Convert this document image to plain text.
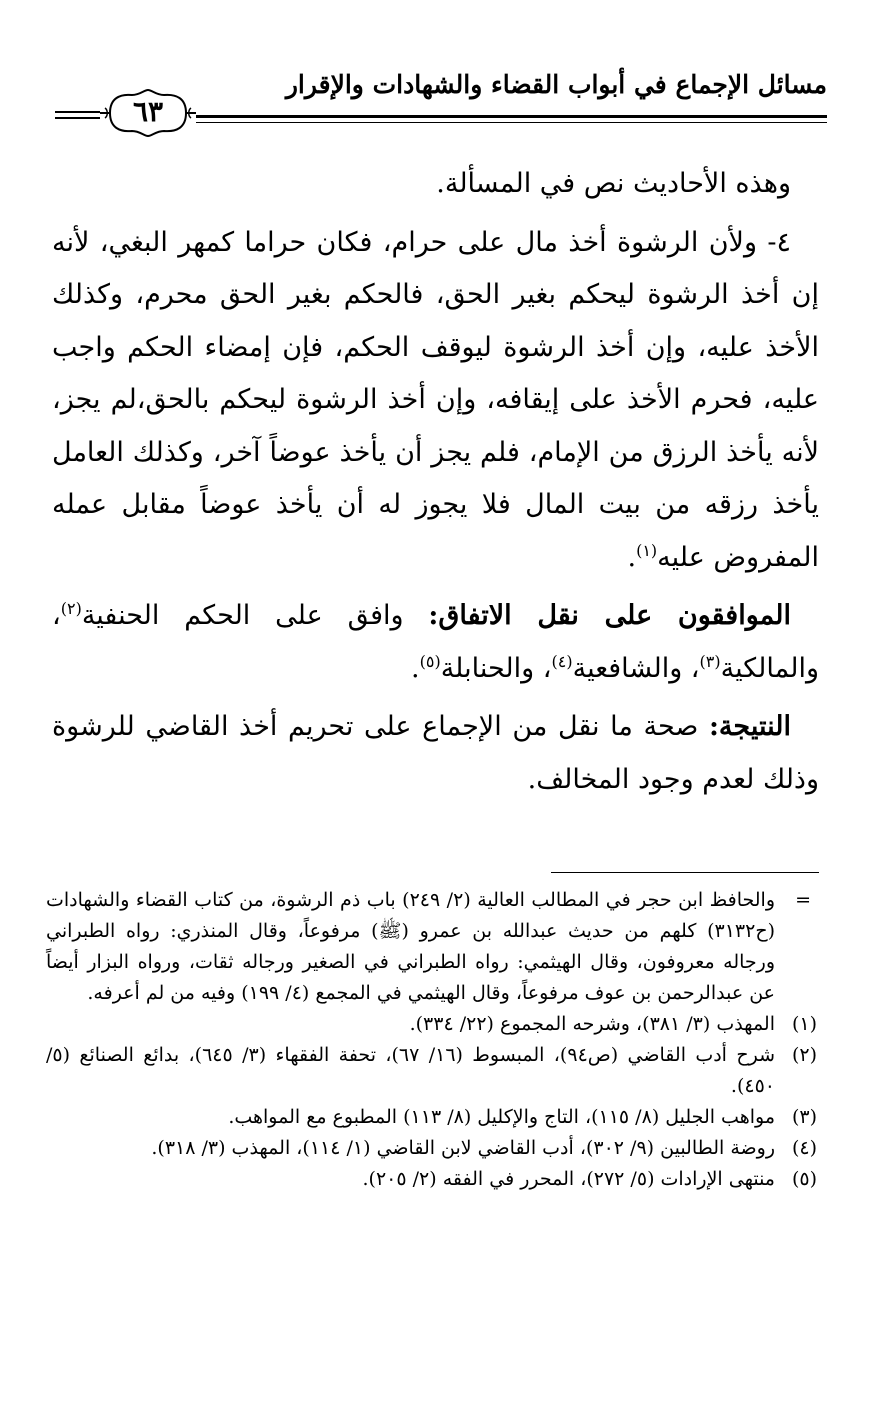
مسائل الإجماع في أبواب القضاء والشهادات والإقرار
٦٣

وهذه الأحاديث نص في المسألة.

٤- ولأن الرشوة أخذ مال على حرام، فكان حراما كمهر البغي، لأنه إن أخذ الرشوة ليحكم بغير الحق، فالحكم بغير الحق محرم، وكذلك الأخذ عليه، وإن أخذ الرشوة ليوقف الحكم، فإن إمضاء الحكم واجب عليه، فحرم الأخذ على إيقافه، وإن أخذ الرشوة ليحكم بالحق،لم يجز، لأنه يأخذ الرزق من الإمام، فلم يجز أن يأخذ عوضاً آخر، وكذلك العامل يأخذ رزقه من بيت المال فلا يجوز له أن يأخذ عوضاً مقابل عمله المفروض عليه$^{(١)}$.

الموافقون على نقل الاتفاق: وافق على الحكم الحنفية$^{(٢)}$، والمالكية$^{(٣)}$، والشافعية$^{(٤)}$، والحنابلة$^{(٥)}$.

النتيجة: صحة ما نقل من الإجماع على تحريم أخذ القاضي للرشوة وذلك لعدم وجود المخالف.

=
والحافظ ابن حجر في المطالب العالية (٢/ ٢٤٩) باب ذم الرشوة، من كتاب القضاء والشهادات (ح٣١٣٢) كلهم من حديث عبدالله بن عمرو (ﷺ) مرفوعاً، وقال المنذري: رواه الطبراني ورجاله معروفون، وقال الهيثمي: رواه الطبراني في الصغير ورجاله ثقات، ورواه البزار أيضاً عن عبدالرحمن بن عوف مرفوعاً، وقال الهيثمي في المجمع (٤/ ١٩٩) وفيه من لم أعرفه.
(١)
المهذب (٣/ ٣٨١)، وشرحه المجموع (٢٢/ ٣٣٤).
(٢)
شرح أدب القاضي (ص٩٤)، المبسوط (١٦/ ٦٧)، تحفة الفقهاء (٣/ ٦٤٥)، بدائع الصنائع (٥/ ٤٥٠).
(٣)
مواهب الجليل (٨/ ١١٥)، التاج والإكليل (٨/ ١١٣) المطبوع مع المواهب.
(٤)
روضة الطالبين (٩/ ٣٠٢)، أدب القاضي لابن القاضي (١/ ١١٤)، المهذب (٣/ ٣١٨).
(٥)
منتهى الإرادات (٥/ ٢٧٢)، المحرر في الفقه (٢/ ٢٠٥).
